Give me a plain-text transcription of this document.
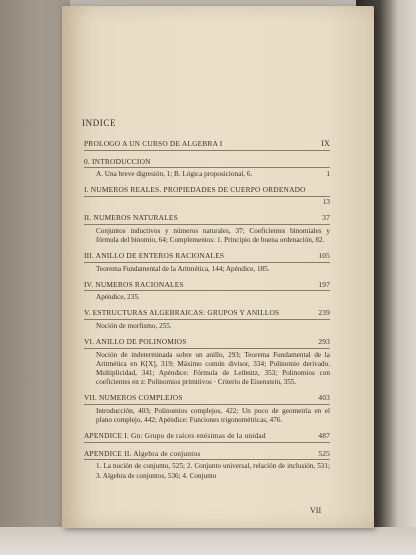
INDICE
PROLOGO A UN CURSO DE ALGEBRA I	IX
0. INTRODUCCION
A. Una breve digresión, 1; B. Lógica proposicional, 6.	1
I. NUMEROS REALES. PROPIEDADES DE CUERPO ORDENADO
13
II. NUMEROS NATURALES	37
Conjuntos inductivos y números naturales, 37; Coeficientes binomiales y fórmula del binomio, 64; Complementos: 1. Principio de buena ordenación, 82.
III. ANILLO DE ENTEROS RACIONALES	105
Teorema Fundamental de la Aritmética, 144; Apéndice, 185.
IV. NUMEROS RACIONALES	197
Apéndice, 235.
V. ESTRUCTURAS ALGEBRAICAS: GRUPOS Y ANILLOS	239
Noción de morfismo, 255.
VI. ANILLO DE POLINOMIOS	293
Noción de indeterminada sobre un anillo, 293; Teorema Fundamental de la Aritmética en K[X], 319; Máximo común divisor, 334; Polinomio derivado. Multiplicidad, 341; Apéndice: Fórmula de Leibnitz, 353; Polinomios con coeficientes en z: Polinomios primitivos · Criterio de Eisenstein, 355.
VII. NUMEROS COMPLEJOS	403
Introducción, 403; Polinomios complejos, 422; Un poco de geometría en el plano complejo, 442; Apéndice: Funciones trigonométricas, 476.
APENDICE I. Gn: Grupo de raíces enésimas de la unidad	487
APENDICE II. Algebra de conjuntos	525
1. La noción de conjunto, 525; 2. Conjunto universal, relación de inclusión, 531; 3. Algebra de conjuntos, 536; 4. Conjunto
VII
